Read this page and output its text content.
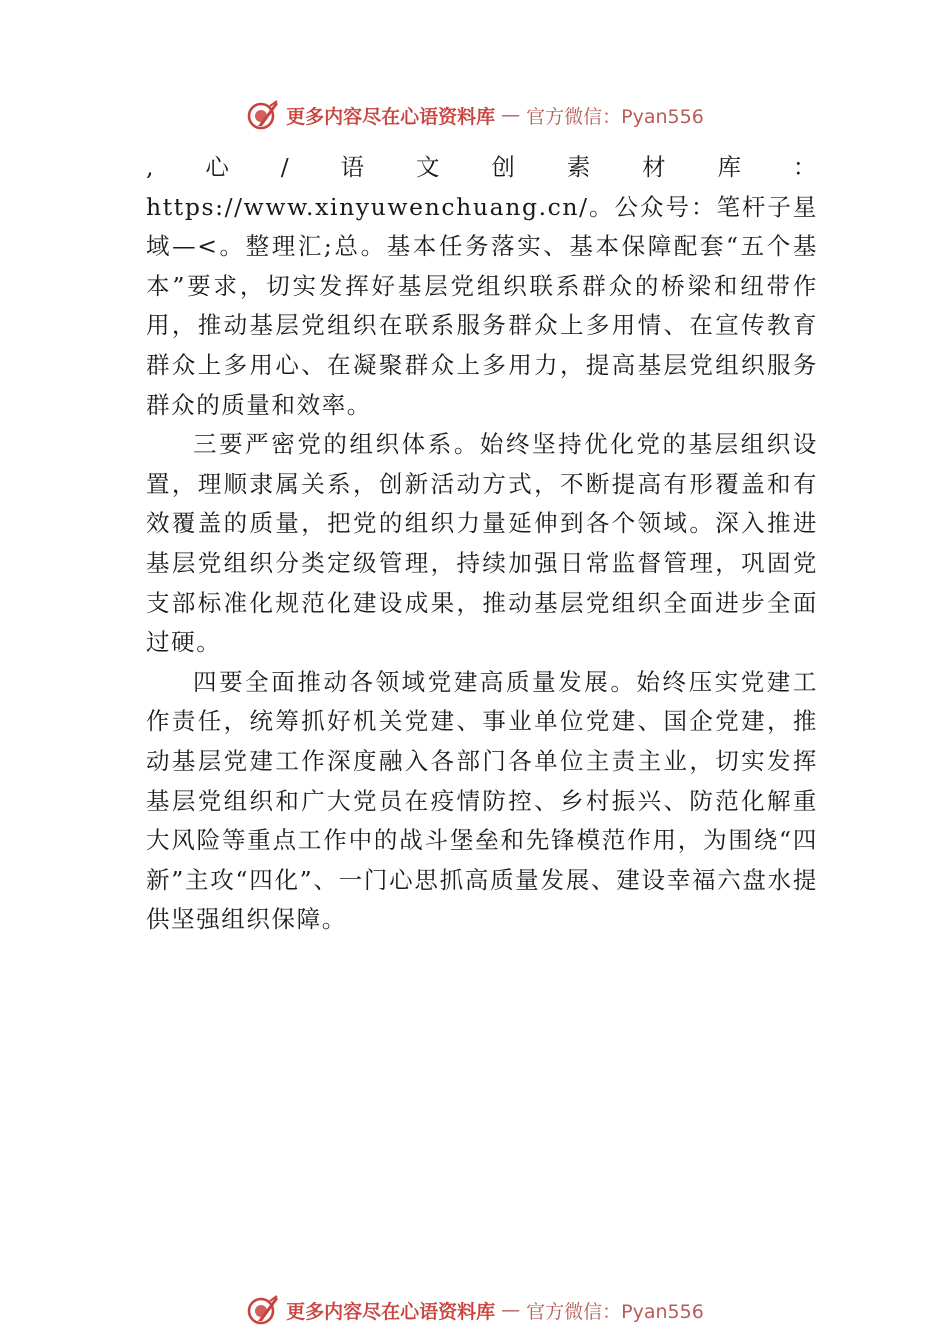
更多内容尽在心语资料库 — 官方微信：Pyan556

,心/语文创素材库：https://www.xinyuwenchuang.cn/。公众号：笔杆子星域—<。整理汇;总。基本任务落实、基本保障配套“五个基本”要求，切实发挥好基层党组织联系群众的桥梁和纽带作用，推动基层党组织在联系服务群众上多用情、在宣传教育群众上多用心、在凝聚群众上多用力，提高基层党组织服务群众的质量和效率。

三要严密党的组织体系。始终坚持优化党的基层组织设置，理顺隶属关系，创新活动方式，不断提高有形覆盖和有效覆盖的质量，把党的组织力量延伸到各个领域。深入推进基层党组织分类定级管理，持续加强日常监督管理，巩固党支部标准化规范化建设成果，推动基层党组织全面进步全面过硬。

四要全面推动各领域党建高质量发展。始终压实党建工作责任，统筹抓好机关党建、事业单位党建、国企党建，推动基层党建工作深度融入各部门各单位主责主业，切实发挥基层党组织和广大党员在疫情防控、乡村振兴、防范化解重大风险等重点工作中的战斗堡垒和先锋模范作用，为围绕“四新”主攻“四化”、一门心思抓高质量发展、建设幸福六盘水提供坚强组织保障。

更多内容尽在心语资料库 — 官方微信：Pyan556
